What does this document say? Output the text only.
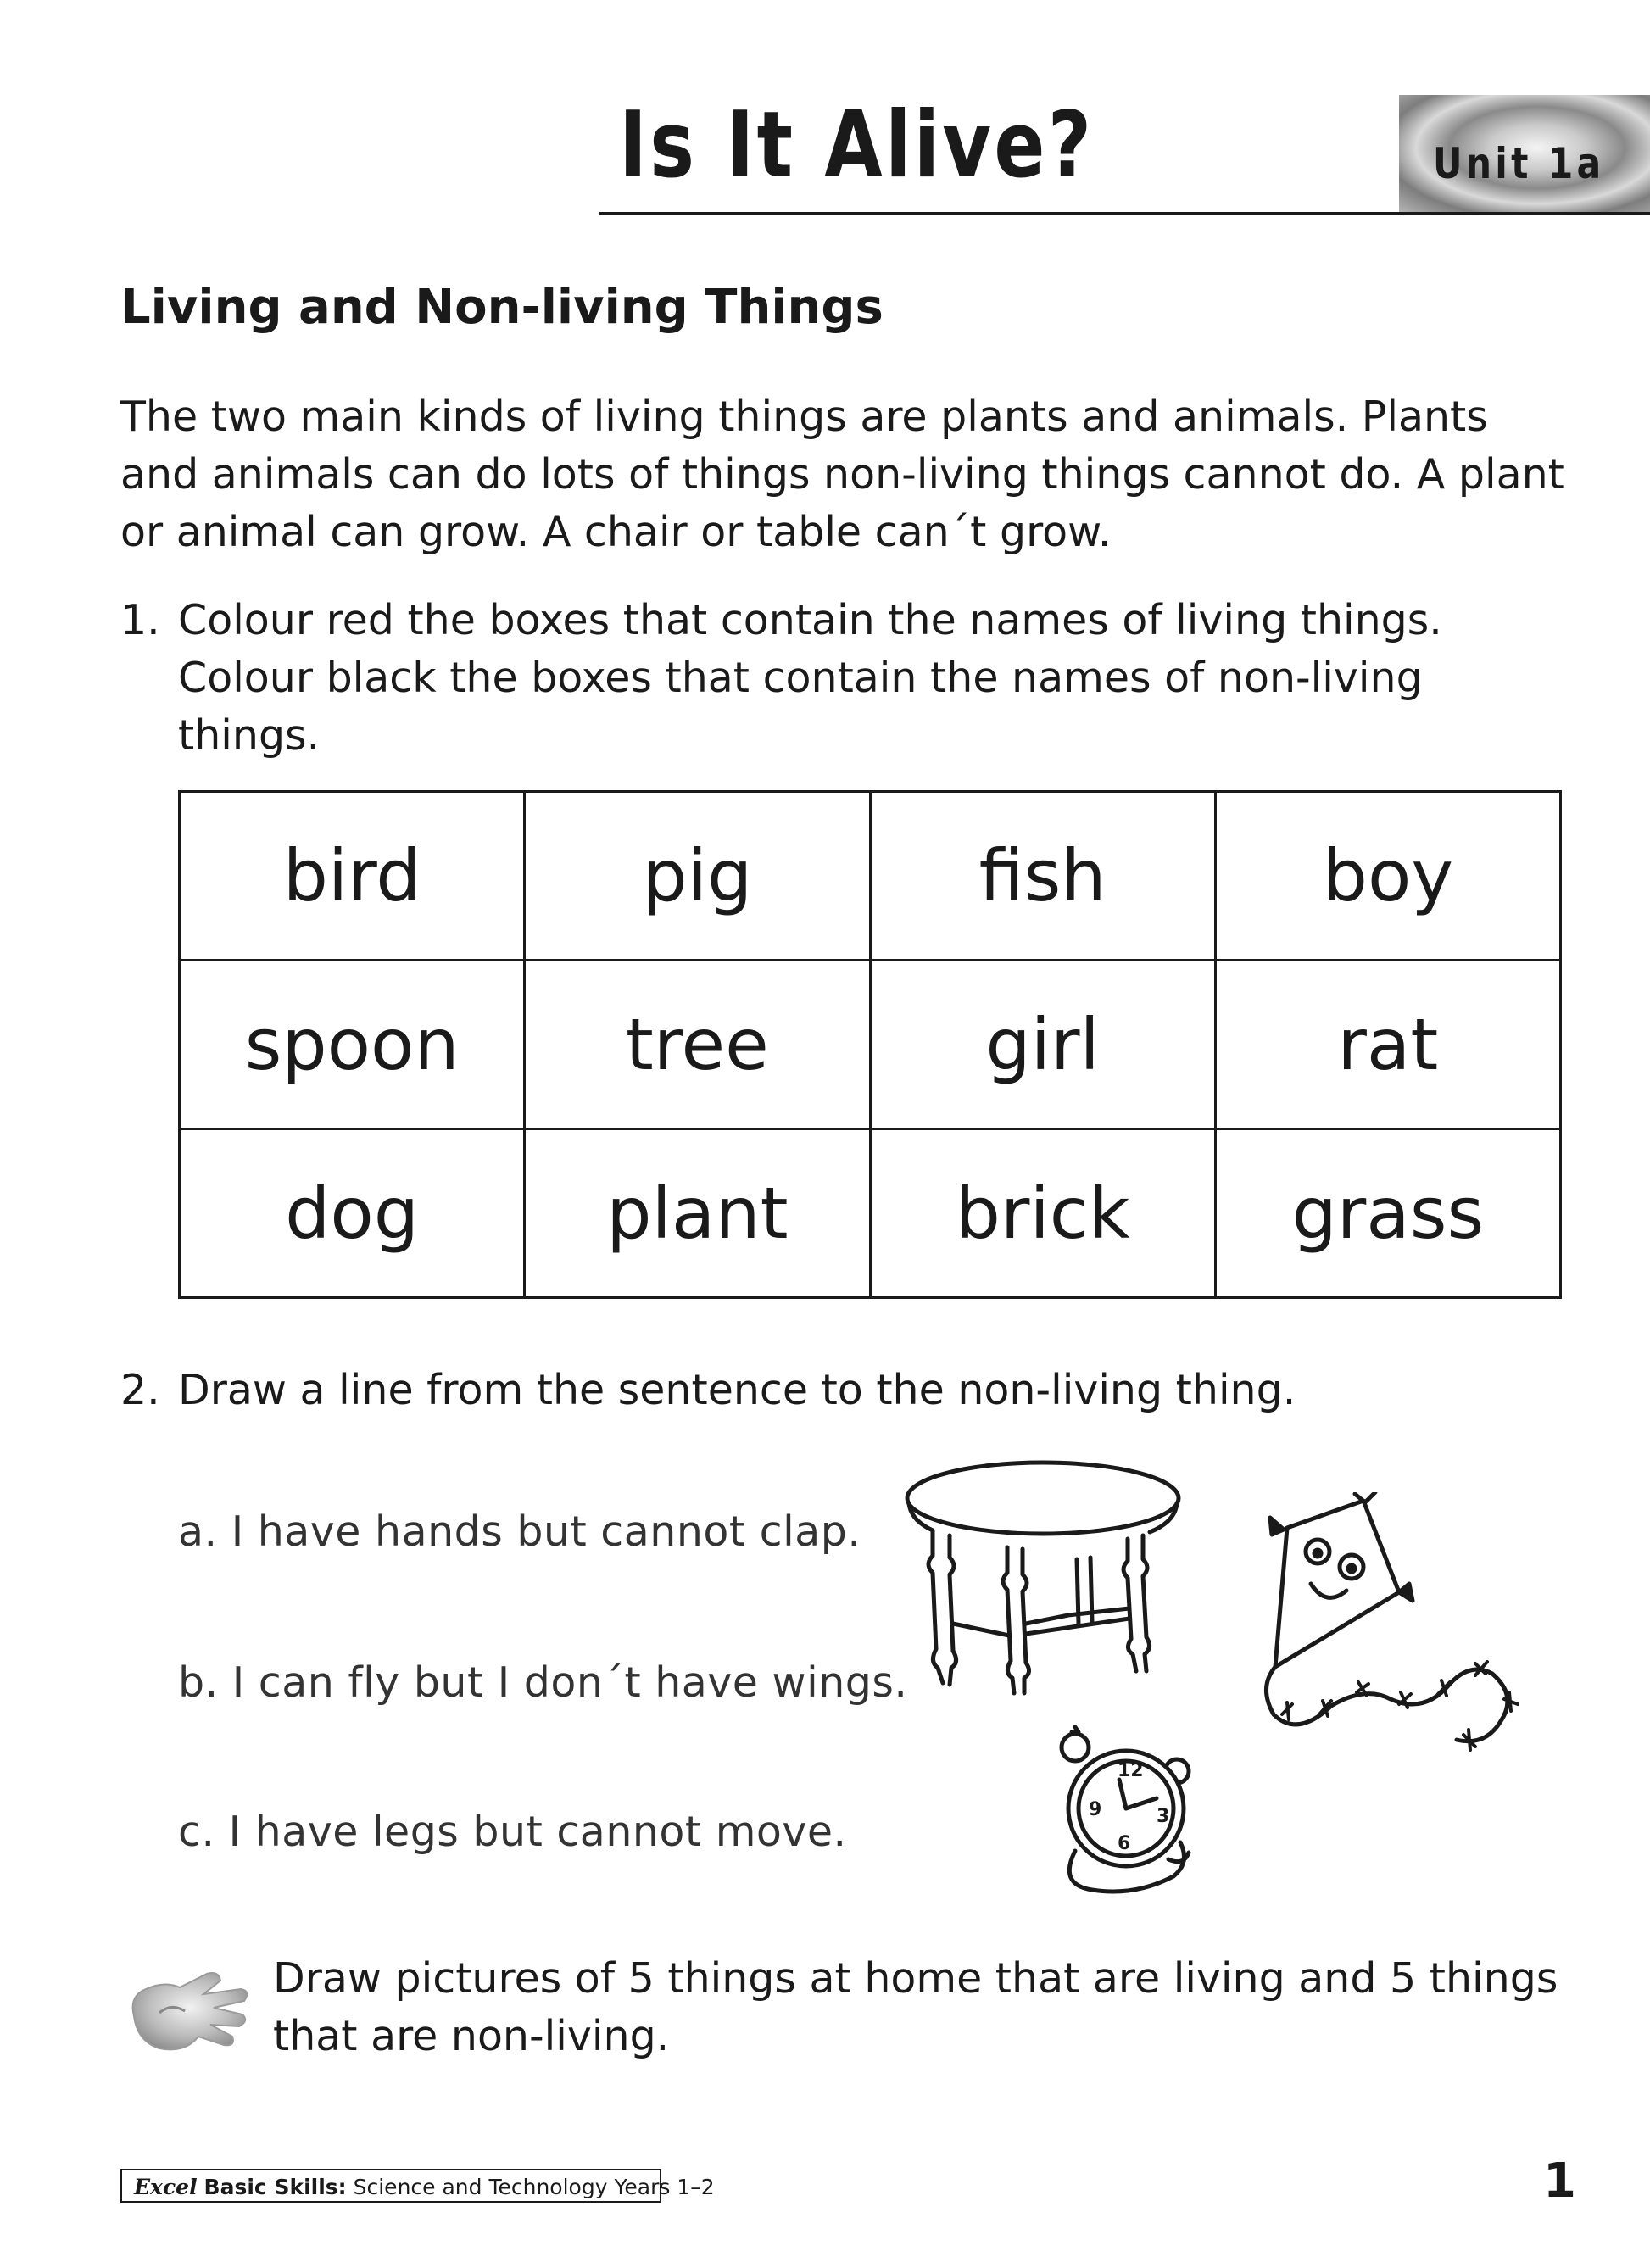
Is It Alive?	Unit 1a
Living and Non-living Things
The two main kinds of living things are plants and animals. Plants and animals can do lots of things non-living things cannot do. A plant or animal can grow. A chair or table can´t grow.
1. Colour red the boxes that contain the names of living things.
Colour black the boxes that contain the names of non-living
things.
bird	pig	fish	boy
spoon	tree	girl	rat
dog	plant	brick	grass
2. Draw a line from the sentence to the non-living thing.
a. I have hands but cannot clap.
b. I can fly but I don´t have wings.
c. I have legs but cannot move.
12
9	3
6
Draw pictures of 5 things at home that are living and 5 things that are non-living.
Excel Basic Skills: Science and Technology Years 1–2	1
